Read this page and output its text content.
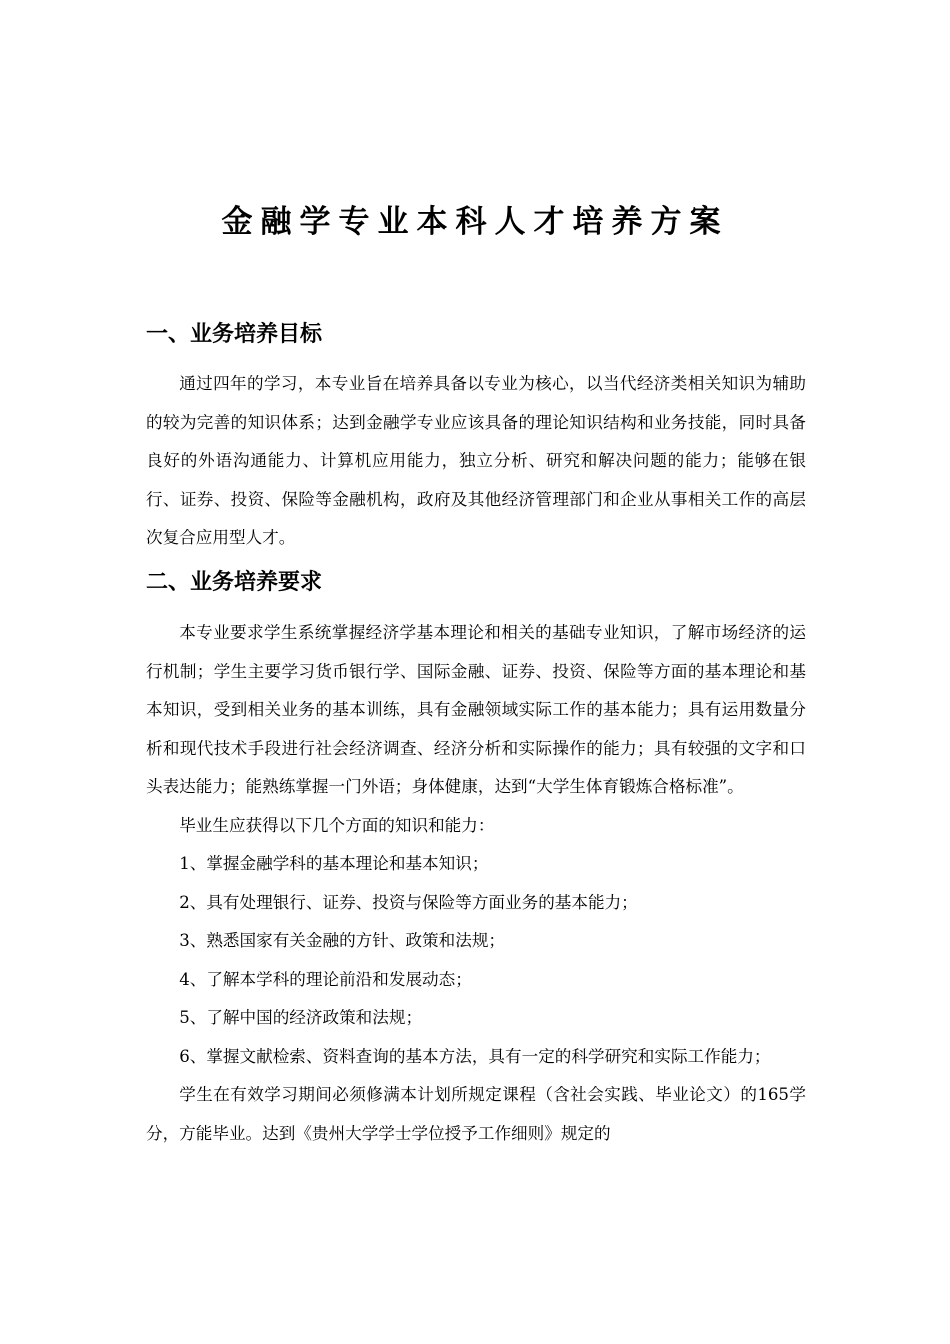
金融学专业本科人才培养方案
一、业务培养目标

通过四年的学习，本专业旨在培养具备以专业为核心，以当代经济类相关知识为辅助的较为完善的知识体系；达到金融学专业应该具备的理论知识结构和业务技能，同时具备良好的外语沟通能力、计算机应用能力，独立分析、研究和解决问题的能力；能够在银行、证券、投资、保险等金融机构，政府及其他经济管理部门和企业从事相关工作的高层次复合应用型人才。

二、业务培养要求

本专业要求学生系统掌握经济学基本理论和相关的基础专业知识，了解市场经济的运行机制；学生主要学习货币银行学、国际金融、证券、投资、保险等方面的基本理论和基本知识，受到相关业务的基本训练，具有金融领域实际工作的基本能力；具有运用数量分析和现代技术手段进行社会经济调查、经济分析和实际操作的能力；具有较强的文字和口头表达能力；能熟练掌握一门外语；身体健康，达到“大学生体育锻炼合格标准”。

毕业生应获得以下几个方面的知识和能力：

1、掌握金融学科的基本理论和基本知识；

2、具有处理银行、证券、投资与保险等方面业务的基本能力；

3、熟悉国家有关金融的方针、政策和法规；

4、了解本学科的理论前沿和发展动态；

5、了解中国的经济政策和法规；

6、掌握文献检索、资料查询的基本方法，具有一定的科学研究和实际工作能力；

学生在有效学习期间必须修满本计划所规定课程（含社会实践、毕业论文）的165学分，方能毕业。达到《贵州大学学士学位授予工作细则》规定的
